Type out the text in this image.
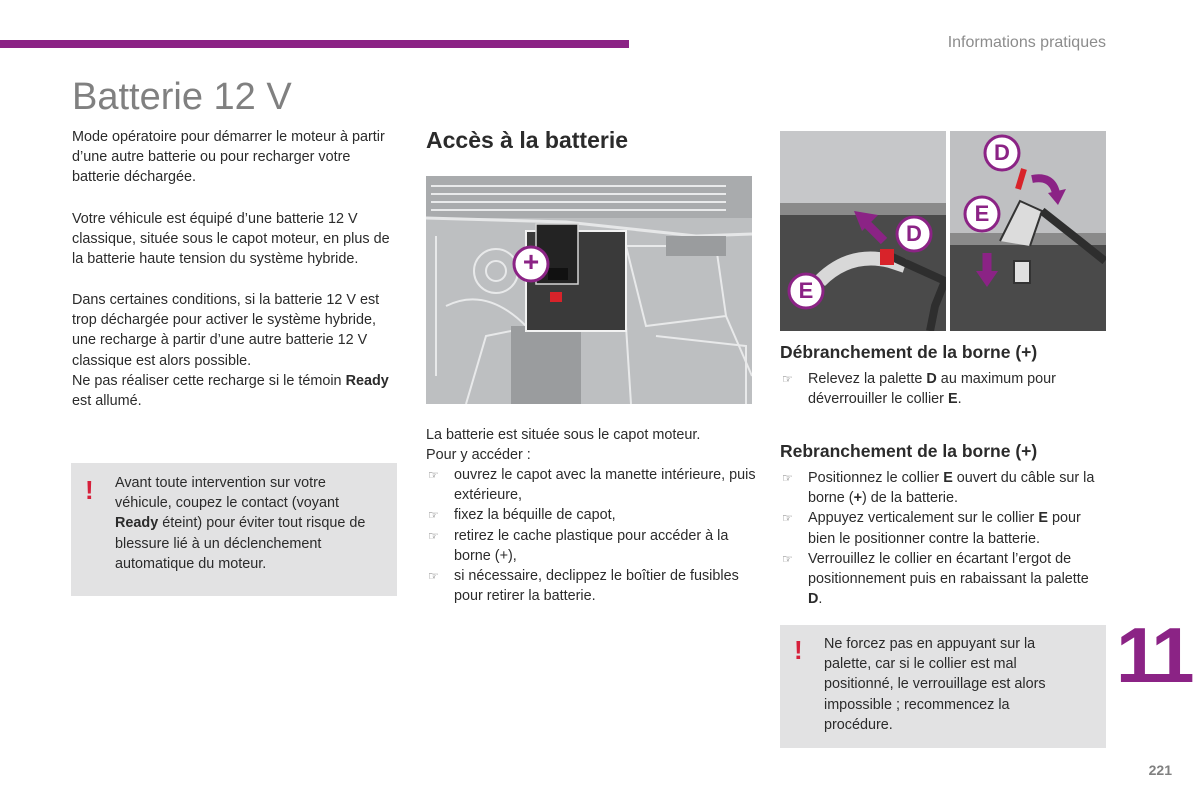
Informations pratiques
Batterie 12 V

Mode opératoire pour démarrer le moteur à partir d’une autre batterie ou pour recharger votre batterie déchargée.

Votre véhicule est équipé d’une batterie 12 V classique, située sous le capot moteur, en plus de la batterie haute tension du système hybride.

Dans certaines conditions, si la batterie 12 V est trop déchargée pour activer le système hybride, une recharge à partir d’une autre batterie 12 V classique est alors possible.

Ne pas réaliser cette recharge si le témoin Ready est allumé.

! Avant toute intervention sur votre véhicule, coupez le contact (voyant Ready éteint) pour éviter tout risque de blessure lié à un déclenchement automatique du moteur.

Accès à la batterie
+

La batterie est située sous le capot moteur.
Pour y accéder :

☞ ouvrez le capot avec la manette intérieure, puis extérieure,
☞ fixez la béquille de capot,
☞ retirez le cache plastique pour accéder à la borne (+),
☞ si nécessaire, declippez le boîtier de fusibles pour retirer la batterie.
D
E
D
E
Débranchement de la borne (+)
☞ Relevez la palette D au maximum pour déverrouiller le collier E.
Rebranchement de la borne (+)
☞ Positionnez le collier E ouvert du câble sur la borne (+) de la batterie.
☞ Appuyez verticalement sur le collier E pour bien le positionner contre la batterie.
☞ Verrouillez le collier en écartant l’ergot de positionnement puis en rabaissant la palette D.
! Ne forcez pas en appuyant sur la palette, car si le collier est mal positionné, le verrouillage est alors impossible ; recommencez la procédure.

11
221
